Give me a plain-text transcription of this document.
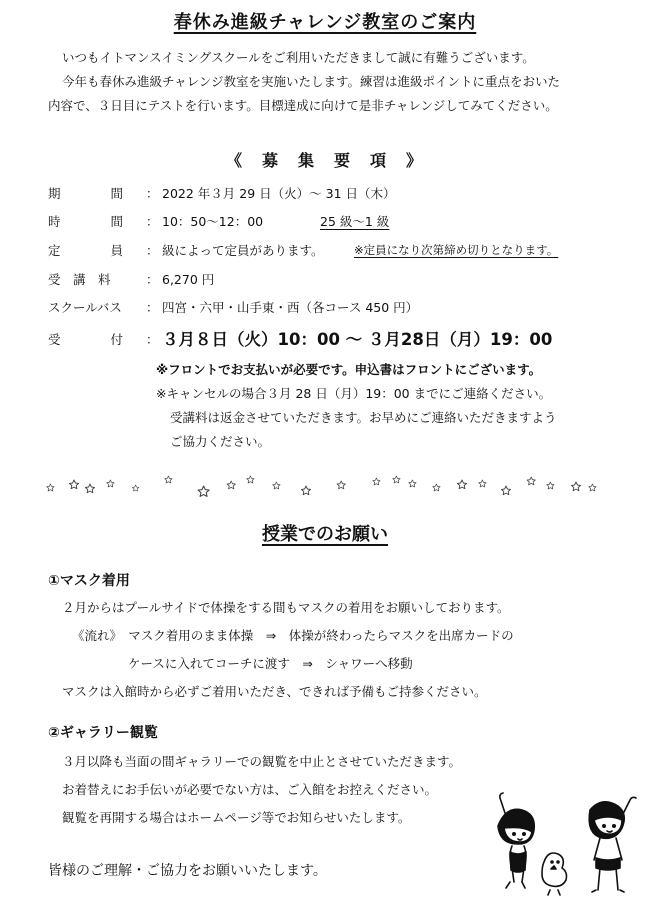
春休み進級チャレンジ教室のご案内
いつもイトマンスイミングスクールをご利用いただきまして誠に有難うございます。
今年も春休み進級チャレンジ教室を実施いたします。練習は進級ポイントに重点をおいた
内容で、３日目にテストを行います。目標達成に向けて是非チャレンジしてみてください。
《　募　集　要　項　》
期　　　　間 ： 2022 年３月 29 日（火）～ 31 日（木）
時　　　　間 ： 10：50～12：00	25 級～1 級
定　　　　員 ： 級によって定員があります。	※定員になり次第締め切りとなります。
受　講　料	： 6,270 円
スクールバス ： 四宮・六甲・山手東・西（各コース 450 円）
受　　　　付 ： ３月８日（火）10：00 ～ ３月28日（月）19：00
※フロントでお支払いが必要です。申込書はフロントにございます。
※キャンセルの場合３月 28 日（月）19：00 までにご連絡ください。
受講料は返金させていただきます。お早めにご連絡いただきますよう
ご協力ください。
授業でのお願い
①マスク着用
２月からはプールサイドで体操をする間もマスクの着用をお願いしております。
《流れ》　マスク着用のまま体操　⇒　体操が終わったらマスクを出席カードの
ケースに入れてコーチに渡す　⇒　シャワーへ移動
マスクは入館時から必ずご着用いただき、できれば予備もご持参ください。
②ギャラリー観覧
３月以降も当面の間ギャラリーでの観覧を中止とさせていただきます。
お着替えにお手伝いが必要でない方は、ご入館をお控えください。
観覧を再開する場合はホームページ等でお知らせいたします。
皆様のご理解・ご協力をお願いいたします。
